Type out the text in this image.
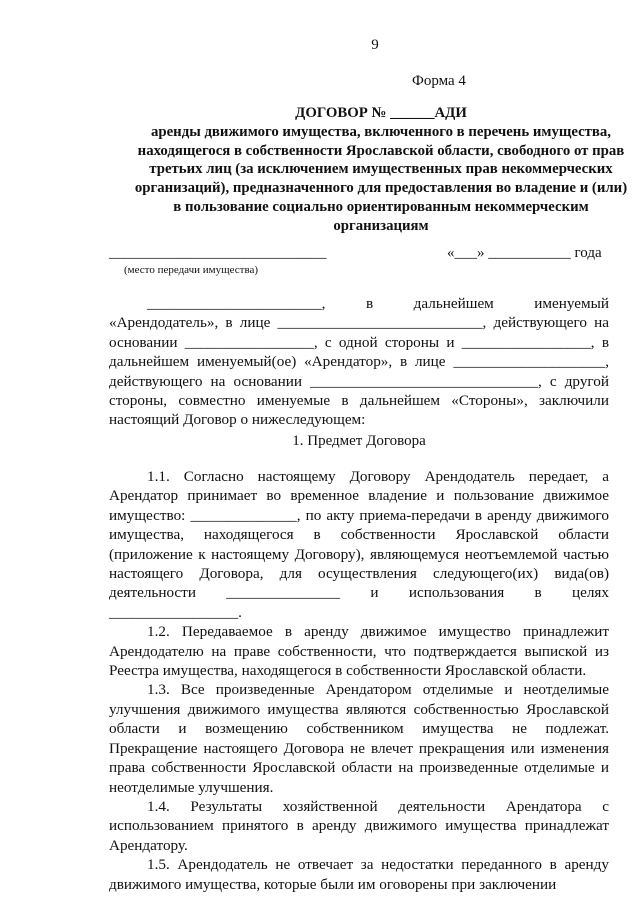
9
Форма 4
ДОГОВОР № ______АДИ
аренды движимого имущества, включенного в перечень имущества,
находящегося в собственности Ярославской области, свободного от прав
третьих лиц (за исключением имущественных прав некоммерческих
организаций), предназначенного для предоставления во владение и (или)
в пользование социально ориентированным некоммерческим
организациям
_____________________________
(место передачи имущества)
«___» ___________ года

_______________________, в дальнейшем именуемый «Арендодатель», в лице ___________________________, действующего на основании _________________, с одной стороны и _________________, в дальнейшем именуемый(ое) «Арендатор», в лице ____________________, действующего на основании ______________________________, с другой стороны, совместно именуемые в дальнейшем «Стороны», заключили настоящий Договор о нижеследующем:

1. Предмет Договора

1.1. Согласно настоящему Договору Арендодатель передает, а Арендатор принимает во временное владение и пользование движимое имущество: ______________, по акту приема-передачи в аренду движимого имущества, находящегося в собственности Ярославской области (приложение к настоящему Договору), являющемуся неотъемлемой частью настоящего Договора, для осуществления следующего(их) вида(ов) деятельности _______________ и использования в целях _________________.

1.2. Передаваемое в аренду движимое имущество принадлежит Арендодателю на праве собственности, что подтверждается выпиской из Реестра имущества, находящегося в собственности Ярославской области.

1.3. Все произведенные Арендатором отделимые и неотделимые улучшения движимого имущества являются собственностью Ярославской области и возмещению собственником имущества не подлежат. Прекращение настоящего Договора не влечет прекращения или изменения права собственности Ярославской области на произведенные отделимые и неотделимые улучшения.

1.4. Результаты хозяйственной деятельности Арендатора с использованием принятого в аренду движимого имущества принадлежат Арендатору.

1.5. Арендодатель не отвечает за недостатки переданного в аренду движимого имущества, которые были им оговорены при заключении
